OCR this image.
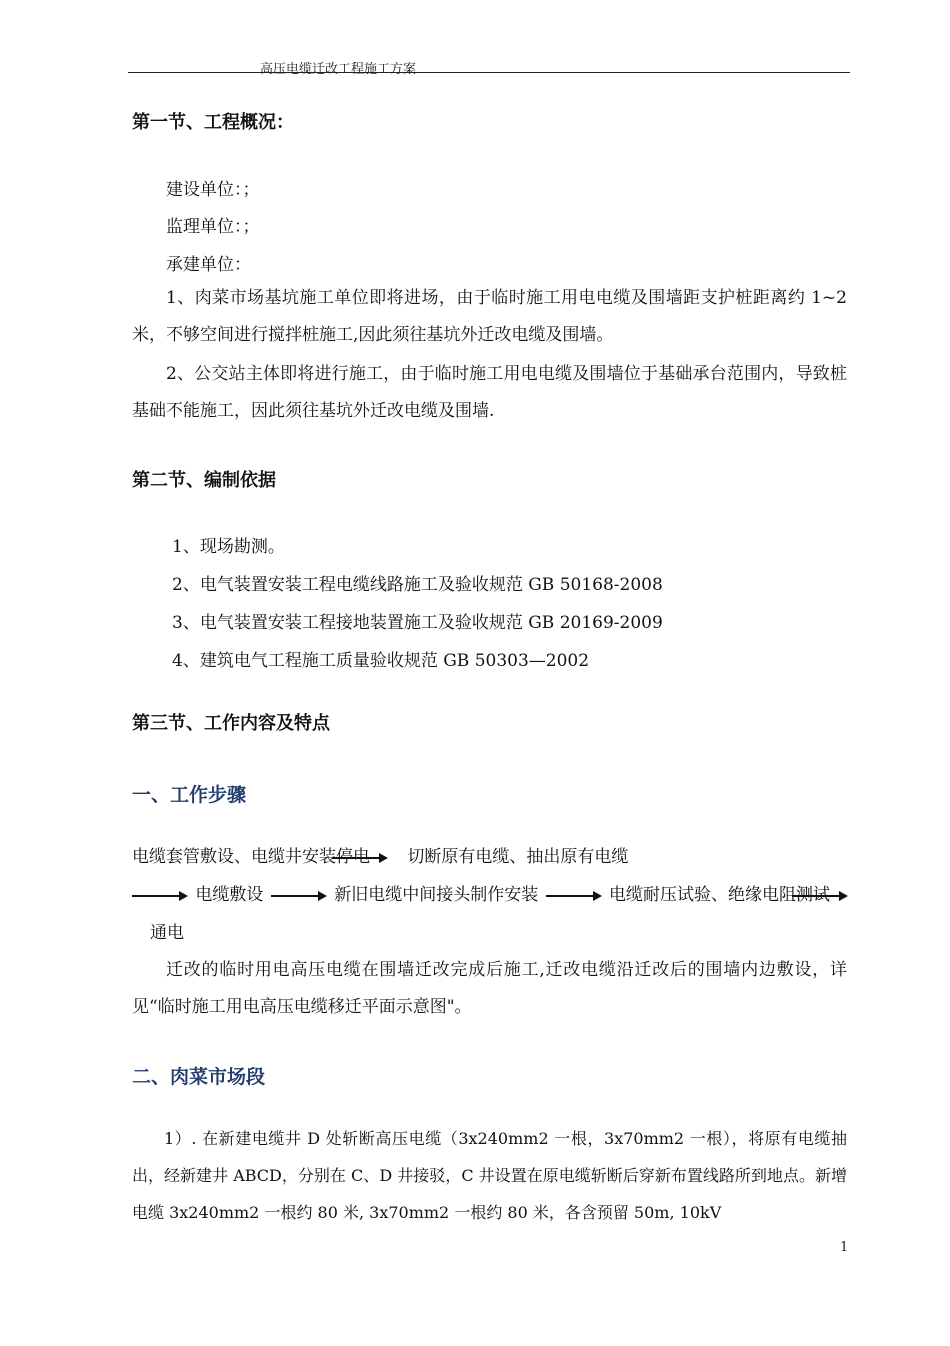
高压电缆迁改工程施工方案
第一节、工程概况：
建设单位：；
监理单位：；
承建单位：
1、肉菜市场基坑施工单位即将进场，由于临时施工用电电缆及围墙距支护桩距离约 1~2 米，不够空间进行搅拌桩施工,因此须往基坑外迁改电缆及围墙。
2、公交站主体即将进行施工，由于临时施工用电电缆及围墙位于基础承台范围内，导致桩基础不能施工，因此须往基坑外迁改电缆及围墙.
第二节、编制依据
1、现场勘测。
2、电气装置安装工程电缆线路施工及验收规范 GB 50168-2008
3、电气装置安装工程接地装置施工及验收规范 GB 20169-2009
4、建筑电气工程施工质量验收规范 GB 50303—2002
第三节、工作内容及特点
一、工作步骤
电缆套管敷设、电缆井安装停电 切断原有电缆、抽出原有电缆
电缆敷设	新旧电缆中间接头制作安装	电缆耐压试验、绝缘电阻测试 通电
迁改的临时用电高压电缆在围墙迁改完成后施工,迁改电缆沿迁改后的围墙内边敷设，详见“临时施工用电高压电缆移迁平面示意图"。
二、肉菜市场段
1）. 在新建电缆井 D 处斩断高压电缆（3x240mm2 一根，3x70mm2 一根），将原有电缆抽出，经新建井 ABCD，分别在 C、D 井接驳，C 井设置在原电缆斩断后穿新布置线路所到地点。新增电缆 3x240mm2 一根约 80 米, 3x70mm2 一根约 80 米，各含预留 50m, 10kV
1
